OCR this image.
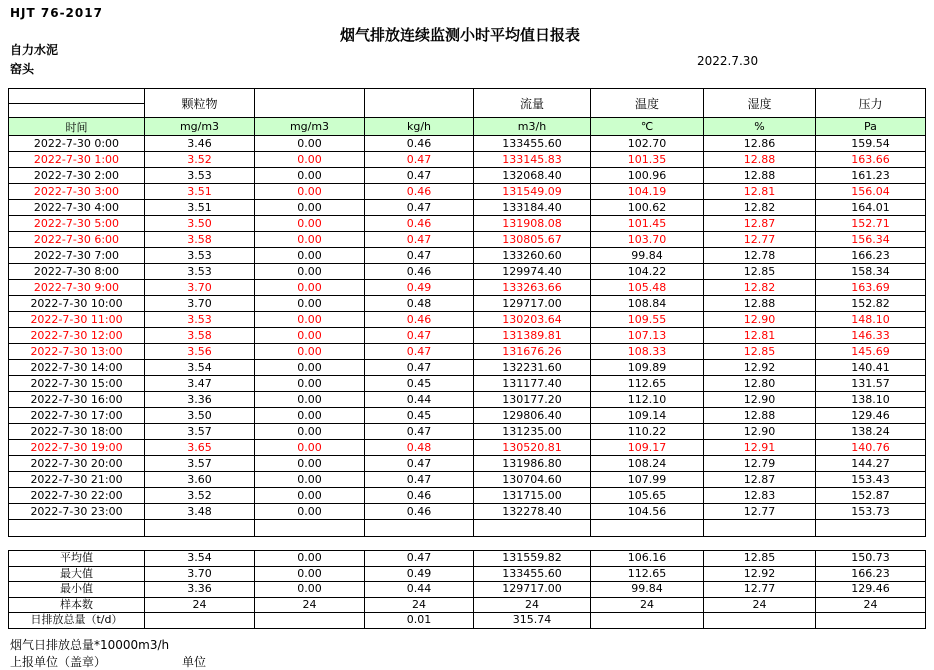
HJT 76-2017
烟气排放连续监测小时平均值日报表
自力水泥
窑头
2022.7.30
	颗粒物			流量	温度	湿度	压力
时间	mg/m3	mg/m3	kg/h	m3/h	℃	%	Pa
2022-7-30 0:00	3.46	0.00	0.46	133455.60	102.70	12.86	159.54
2022-7-30 1:00	3.52	0.00	0.47	133145.83	101.35	12.88	163.66
2022-7-30 2:00	3.53	0.00	0.47	132068.40	100.96	12.88	161.23
2022-7-30 3:00	3.51	0.00	0.46	131549.09	104.19	12.81	156.04
2022-7-30 4:00	3.51	0.00	0.47	133184.40	100.62	12.82	164.01
2022-7-30 5:00	3.50	0.00	0.46	131908.08	101.45	12.87	152.71
2022-7-30 6:00	3.58	0.00	0.47	130805.67	103.70	12.77	156.34
2022-7-30 7:00	3.53	0.00	0.47	133260.60	99.84	12.78	166.23
2022-7-30 8:00	3.53	0.00	0.46	129974.40	104.22	12.85	158.34
2022-7-30 9:00	3.70	0.00	0.49	133263.66	105.48	12.82	163.69
2022-7-30 10:00	3.70	0.00	0.48	129717.00	108.84	12.88	152.82
2022-7-30 11:00	3.53	0.00	0.46	130203.64	109.55	12.90	148.10
2022-7-30 12:00	3.58	0.00	0.47	131389.81	107.13	12.81	146.33
2022-7-30 13:00	3.56	0.00	0.47	131676.26	108.33	12.85	145.69
2022-7-30 14:00	3.54	0.00	0.47	132231.60	109.89	12.92	140.41
2022-7-30 15:00	3.47	0.00	0.45	131177.40	112.65	12.80	131.57
2022-7-30 16:00	3.36	0.00	0.44	130177.20	112.10	12.90	138.10
2022-7-30 17:00	3.50	0.00	0.45	129806.40	109.14	12.88	129.46
2022-7-30 18:00	3.57	0.00	0.47	131235.00	110.22	12.90	138.24
2022-7-30 19:00	3.65	0.00	0.48	130520.81	109.17	12.91	140.76
2022-7-30 20:00	3.57	0.00	0.47	131986.80	108.24	12.79	144.27
2022-7-30 21:00	3.60	0.00	0.47	130704.60	107.99	12.87	153.43
2022-7-30 22:00	3.52	0.00	0.46	131715.00	105.65	12.83	152.87
2022-7-30 23:00	3.48	0.00	0.46	132278.40	104.56	12.77	153.73

平均值	3.54	0.00	0.47	131559.82	106.16	12.85	150.73
最大值	3.70	0.00	0.49	133455.60	112.65	12.92	166.23
最小值	3.36	0.00	0.44	129717.00	99.84	12.77	129.46
样本数	24	24	24	24	24	24	24
日排放总量（t/d）			0.01	315.74			
烟气日排放总量*10000m3/h
上报单位（盖章）	单位
